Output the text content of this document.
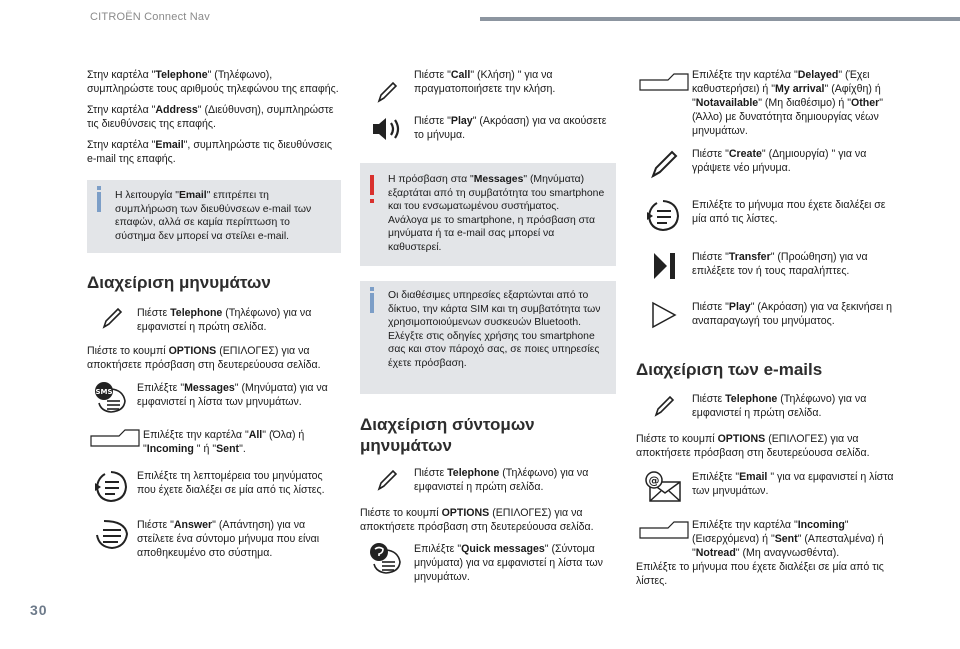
CITROËN Connect Nav
30

Στην καρτέλα "Telephone" (Τηλέφωνο), συμπληρώστε τους αριθμούς τηλεφώνου της επαφής.

Στην καρτέλα "Address" (Διεύθυνση), συμπληρώστε τις διευθύνσεις της επαφής.

Στην καρτέλα "Email", συμπληρώστε τις διευθύνσεις e-mail της επαφής.

Η λειτουργία "Email" επιτρέπει τη συμπλήρωση των διευθύνσεων e-mail των επαφών, αλλά σε καμία περίπτωση το σύστημα δεν μπορεί να στείλει e-mail.
Διαχείριση μηνυμάτων
Πιέστε Telephone (Τηλέφωνο) για να εμφανιστεί η πρώτη σελίδα.

Πιέστε το κουμπί OPTIONS (ΕΠΙΛΟΓΕΣ) για να αποκτήσετε πρόσβαση στη δευτερεύουσα σελίδα.

SMS Επιλέξτε "Messages" (Μηνύματα) για να εμφανιστεί η λίστα των μηνυμάτων.
Επιλέξτε την καρτέλα "All" (Όλα) ή "Incoming " ή "Sent".
Επιλέξτε τη λεπτομέρεια του μηνύματος που έχετε διαλέξει σε μία από τις λίστες.
Πιέστε "Answer" (Απάντηση) για να στείλετε ένα σύντομο μήνυμα που είναι αποθηκευμένο στο σύστημα.
Πιέστε "Call" (Κλήση) " για να πραγματοποιήσετε την κλήση.
Πιέστε "Play" (Ακρόαση) για να ακούσετε το μήνυμα.
Η πρόσβαση στα "Messages" (Μηνύματα) εξαρτάται από τη συμβατότητα του smartphone και του ενσωματωμένου συστήματος.
Ανάλογα με το smartphone, η πρόσβαση στα μηνύματα ή τα e-mail σας μπορεί να καθυστερεί.
Οι διαθέσιμες υπηρεσίες εξαρτώνται από το δίκτυο, την κάρτα SIM και τη συμβατότητα των χρησιμοποιούμενων συσκευών Bluetooth.
Ελέγξτε στις οδηγίες χρήσης του smartphone σας και στον πάροχό σας, σε ποιες υπηρεσίες έχετε πρόσβαση.
Διαχείριση σύντομων
μηνυμάτων
Πιέστε Telephone (Τηλέφωνο) για να εμφανιστεί η πρώτη σελίδα.

Πιέστε το κουμπί OPTIONS (ΕΠΙΛΟΓΕΣ) για να αποκτήσετε πρόσβαση στη δευτερεύουσα σελίδα.

Επιλέξτε "Quick messages" (Σύντομα μηνύματα) για να εμφανιστεί η λίστα των μηνυμάτων.
Επιλέξτε την καρτέλα "Delayed" (Έχει καθυστερήσει) ή "My arrival" (Αφίχθη) ή "Notavailable" (Μη διαθέσιμο) ή "Other" (Άλλο) με δυνατότητα δημιουργίας νέων μηνυμάτων.
Πιέστε "Create" (Δημιουργία) " για να γράψετε νέο μήνυμα.
Επιλέξτε το μήνυμα που έχετε διαλέξει σε μία από τις λίστες.
Πιέστε "Transfer" (Προώθηση) για να επιλέξετε τον ή τους παραλήπτες.
Πιέστε "Play" (Ακρόαση) για να ξεκινήσει η αναπαραγωγή του μηνύματος.
Διαχείριση των e-mails
Πιέστε Telephone (Τηλέφωνο) για να εμφανιστεί η πρώτη σελίδα.

Πιέστε το κουμπί OPTIONS (ΕΠΙΛΟΓΕΣ) για να αποκτήσετε πρόσβαση στη δευτερεύουσα σελίδα.

@	Επιλέξτε "Email " για να εμφανιστεί η λίστα των μηνυμάτων.
Επιλέξτε την καρτέλα "Incoming" (Εισερχόμενα) ή "Sent" (Απεσταλμένα) ή "Notread" (Μη αναγνωσθέντα).

Επιλέξτε το μήνυμα που έχετε διαλέξει σε μία από τις λίστες.
